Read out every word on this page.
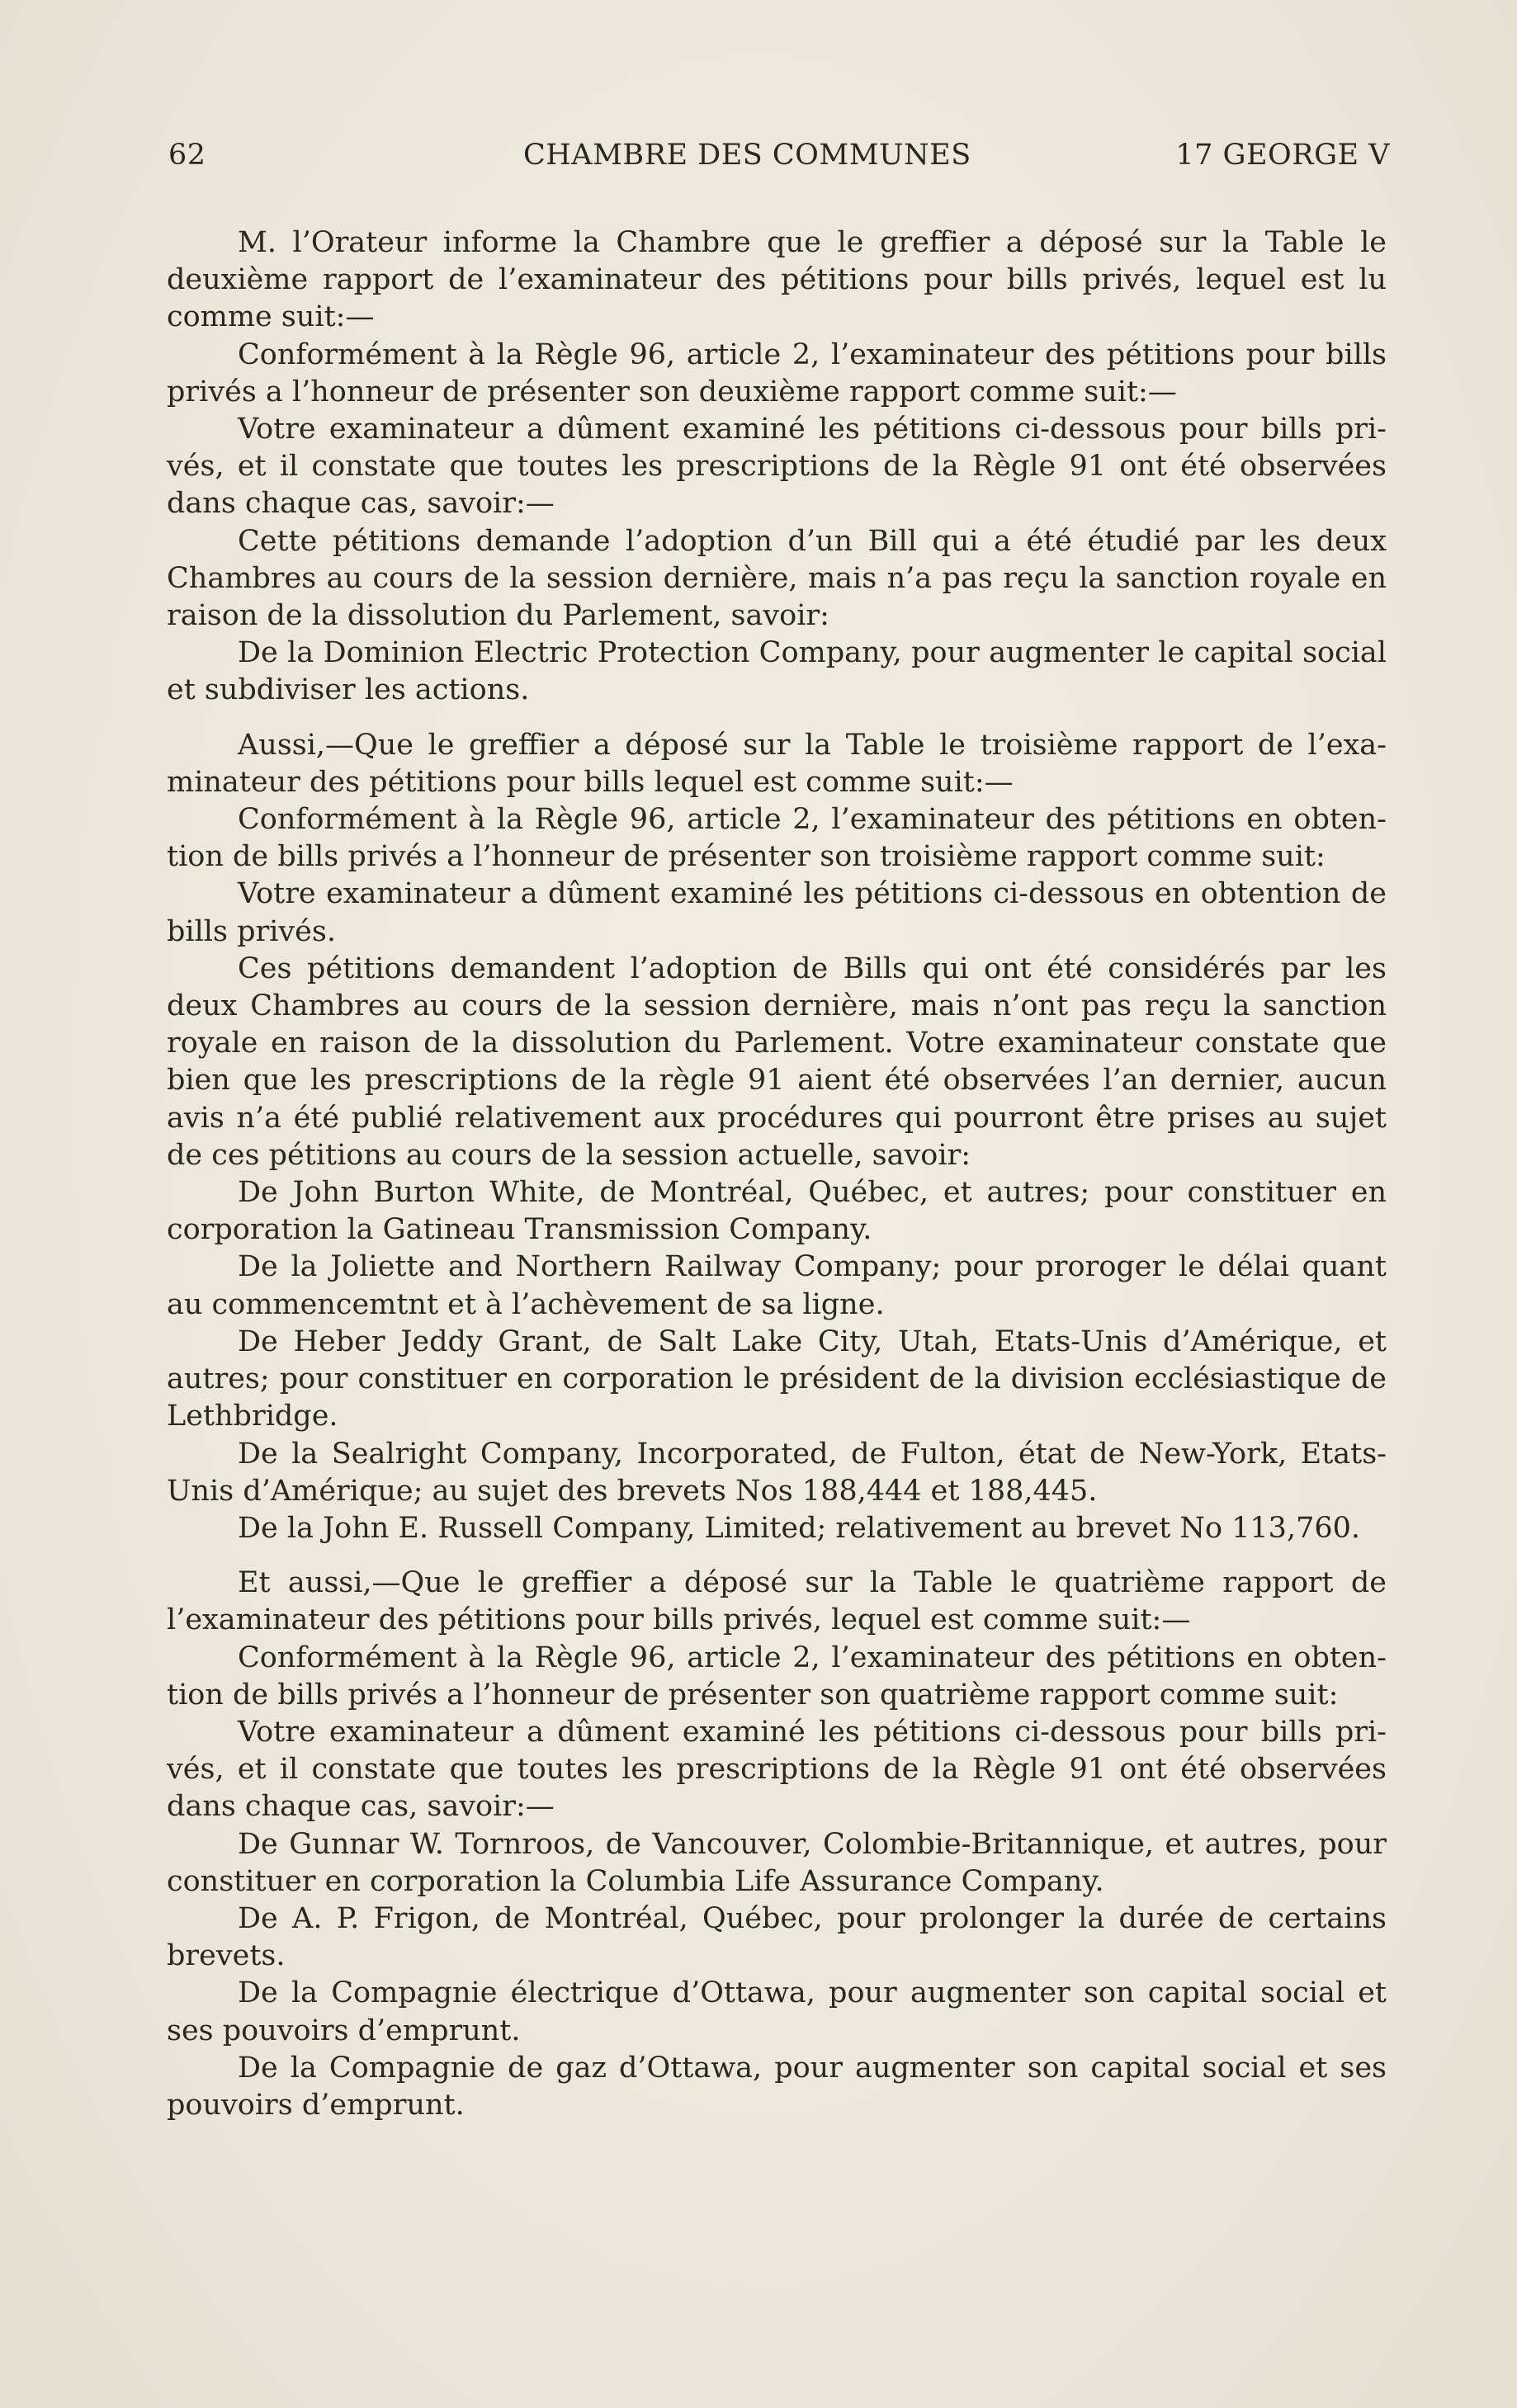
62	CHAMBRE DES COMMUNES	17 GEORGE V

M. l’Orateur informe la Chambre que le greffier a déposé sur la Table le deuxième rapport de l’examinateur des pétitions pour bills privés, lequel est lu comme suit:—

Conformément à la Règle 96, article 2, l’examinateur des pétitions pour bills privés a l’honneur de présenter son deuxième rapport comme suit:—

Votre examinateur a dûment examiné les pétitions ci-dessous pour bills privés, et il constate que toutes les prescriptions de la Règle 91 ont été observées dans chaque cas, savoir:—

Cette pétitions demande l’adoption d’un Bill qui a été étudié par les deux Chambres au cours de la session dernière, mais n’a pas reçu la sanction royale en raison de la dissolution du Parlement, savoir:

De la Dominion Electric Protection Company, pour augmenter le capital social et subdiviser les actions.

Aussi,—Que le greffier a déposé sur la Table le troisième rapport de l’examinateur des pétitions pour bills lequel est comme suit:—

Conformément à la Règle 96, article 2, l’examinateur des pétitions en obtention de bills privés a l’honneur de présenter son troisième rapport comme suit:

Votre examinateur a dûment examiné les pétitions ci-dessous en obtention de bills privés.

Ces pétitions demandent l’adoption de Bills qui ont été considérés par les deux Chambres au cours de la session dernière, mais n’ont pas reçu la sanction royale en raison de la dissolution du Parlement. Votre examinateur constate que bien que les prescriptions de la règle 91 aient été observées l’an dernier, aucun avis n’a été publié relativement aux procédures qui pourront être prises au sujet de ces pétitions au cours de la session actuelle, savoir:

De John Burton White, de Montréal, Québec, et autres; pour constituer en corporation la Gatineau Transmission Company.

De la Joliette and Northern Railway Company; pour proroger le délai quant au commencemtnt et à l’achèvement de sa ligne.

De Heber Jeddy Grant, de Salt Lake City, Utah, Etats-Unis d’Amérique, et autres; pour constituer en corporation le président de la division ecclésiastique de Lethbridge.

De la Sealright Company, Incorporated, de Fulton, état de New-York, Etats-Unis d’Amérique; au sujet des brevets Nos 188,444 et 188,445.

De la John E. Russell Company, Limited; relativement au brevet No 113,760.

Et aussi,—Que le greffier a déposé sur la Table le quatrième rapport de l’examinateur des pétitions pour bills privés, lequel est comme suit:—

Conformément à la Règle 96, article 2, l’examinateur des pétitions en obtention de bills privés a l’honneur de présenter son quatrième rapport comme suit:

Votre examinateur a dûment examiné les pétitions ci-dessous pour bills privés, et il constate que toutes les prescriptions de la Règle 91 ont été observées dans chaque cas, savoir:—

De Gunnar W. Tornroos, de Vancouver, Colombie-Britannique, et autres, pour constituer en corporation la Columbia Life Assurance Company.

De A. P. Frigon, de Montréal, Québec, pour prolonger la durée de certains brevets.

De la Compagnie électrique d’Ottawa, pour augmenter son capital social et ses pouvoirs d’emprunt.

De la Compagnie de gaz d’Ottawa, pour augmenter son capital social et ses pouvoirs d’emprunt.
